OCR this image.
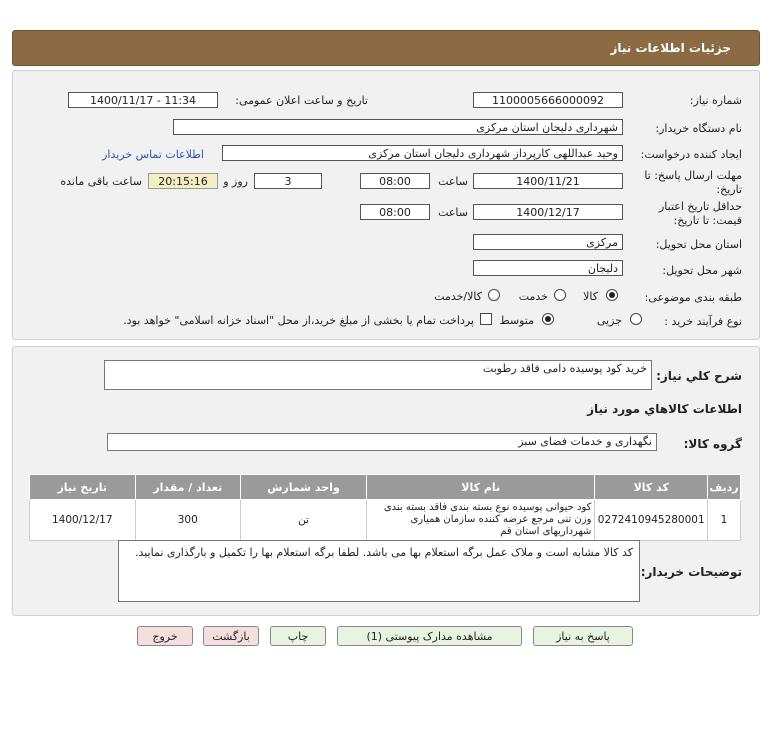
جزئیات اطلاعات نیاز
شماره نیاز:
1100005666000092
تاریخ و ساعت اعلان عمومی:
1400/11/17 - 11:34
نام دستگاه خریدار:
شهرداری دلیجان استان مرکزی
ایجاد کننده درخواست:
وحید عبداللهی کارپرداز شهرداری دلیجان استان مرکزی
اطلاعات تماس خریدار
مهلت ارسال پاسخ: تا
تاریخ:
1400/11/21
ساعت
08:00
3
روز و
20:15:16
ساعت باقی مانده
حداقل تاریخ اعتبار
قیمت: تا تاریخ:
1400/12/17
ساعت
08:00
استان محل تحویل:
مرکزی
شهر محل تحویل:
دلیجان
طبقه بندی موضوعی:
کالا
خدمت
کالا/خدمت
نوع فرآیند خرید :
جزیی
متوسط
پرداخت تمام یا بخشی از مبلغ خرید،از محل "اسناد خزانه اسلامی" خواهد بود.
شرح كلي نياز:
خرید کود پوسیده دامی فاقد رطوبت
اطلاعات كالاهاي مورد نياز
گروه كالا:
نگهداری و خدمات فضای سبز
ردیف	کد کالا	نام کالا	واحد شمارش	تعداد / مقدار	تاریخ نیاز
1	0272410945280001	کود حیوانی پوسیده نوع بسته بندی فاقد بسته بندی وزن تنی مرجع عرضه کننده سازمان همیاری شهرداریهای استان قم	تن	300	1400/12/17
توضیحات خریدار:
کد کالا مشابه است و ملاک عمل برگه استعلام بها می باشد. لطفا برگه استعلام بها را تکمیل و بارگذاری نمایید.
پاسخ به نیاز
مشاهده مدارک پیوستی (1)
چاپ
بازگشت
خروج
